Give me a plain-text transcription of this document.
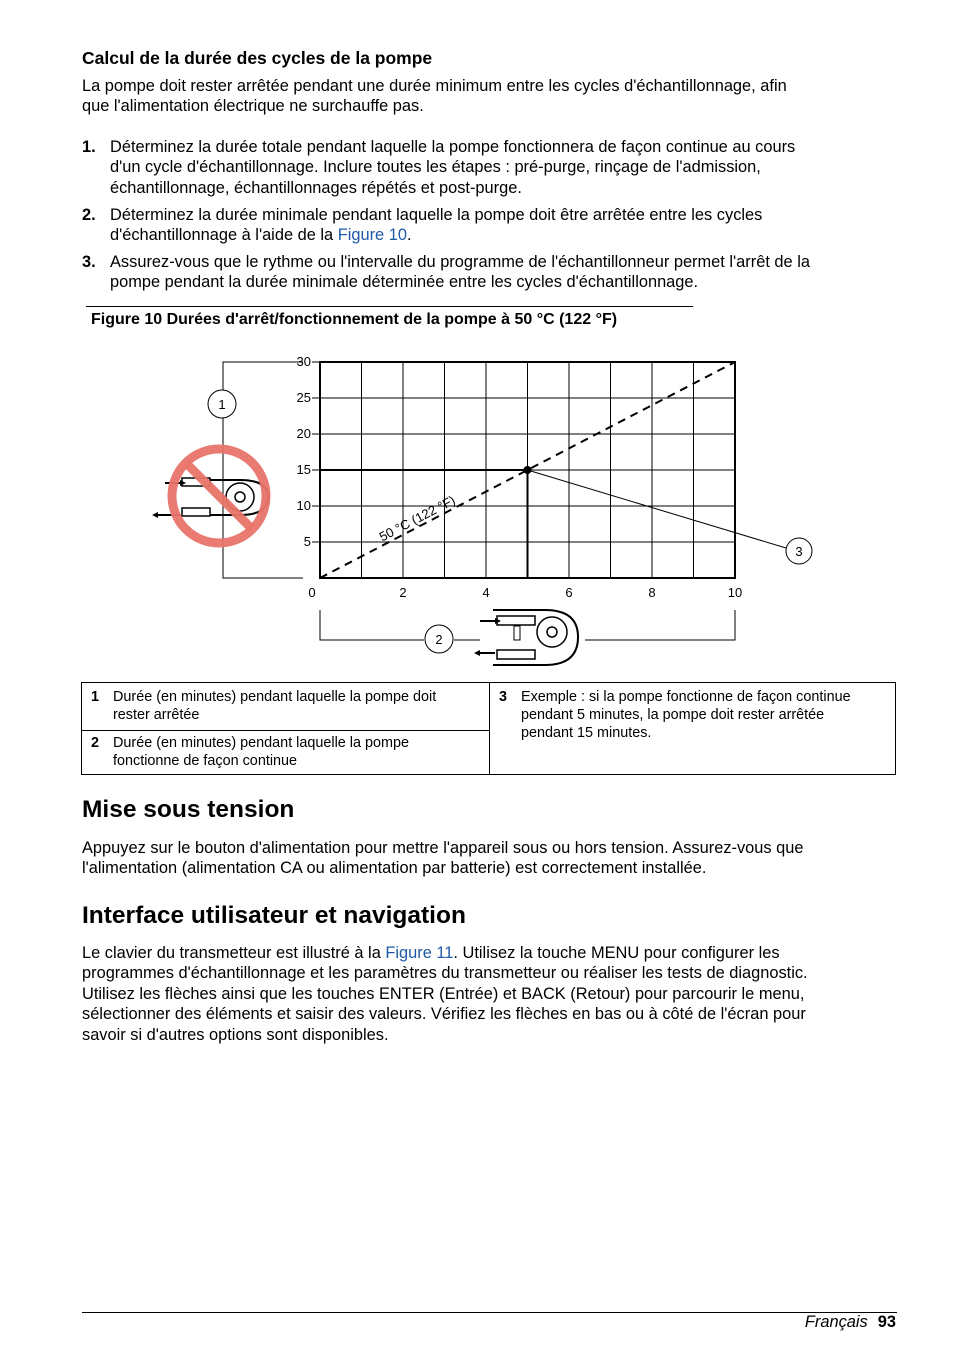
Calcul de la durée des cycles de la pompe
La pompe doit rester arrêtée pendant une durée minimum entre les cycles d'échantillonnage, afin
que l'alimentation électrique ne surchauffe pas.
1. Déterminez la durée totale pendant laquelle la pompe fonctionnera de façon continue au cours
d'un cycle d'échantillonnage. Inclure toutes les étapes : pré-purge, rinçage de l'admission,
échantillonnage, échantillonnages répétés et post-purge.
2. Déterminez la durée minimale pendant laquelle la pompe doit être arrêtée entre les cycles
d'échantillonnage à l'aide de la Figure 10.
3. Assurez-vous que le rythme ou l'intervalle du programme de l'échantillonneur permet l'arrêt de la
pompe pendant la durée minimale déterminée entre les cycles d'échantillonnage.
Figure 10 Durées d'arrêt/fonctionnement de la pompe à 50 °C (122 °F)
5
10
15
20
25
30
0	2	4	6	8	10
50 °C (122 °F)
1
2
3
1 Durée (en minutes) pendant laquelle la pompe doit
rester arrêtée
2 Durée (en minutes) pendant laquelle la pompe
fonctionne de façon continue
3 Exemple : si la pompe fonctionne de façon continue
pendant 5 minutes, la pompe doit rester arrêtée
pendant 15 minutes.
Mise sous tension
Appuyez sur le bouton d'alimentation pour mettre l'appareil sous ou hors tension. Assurez-vous que
l'alimentation (alimentation CA ou alimentation par batterie) est correctement installée.
Interface utilisateur et navigation
Le clavier du transmetteur est illustré à la Figure 11. Utilisez la touche MENU pour configurer les
programmes d'échantillonnage et les paramètres du transmetteur ou réaliser les tests de diagnostic.
Utilisez les flèches ainsi que les touches ENTER (Entrée) et BACK (Retour) pour parcourir le menu,
sélectionner des éléments et saisir des valeurs. Vérifiez les flèches en bas ou à côté de l'écran pour
savoir si d'autres options sont disponibles.
Français 93
